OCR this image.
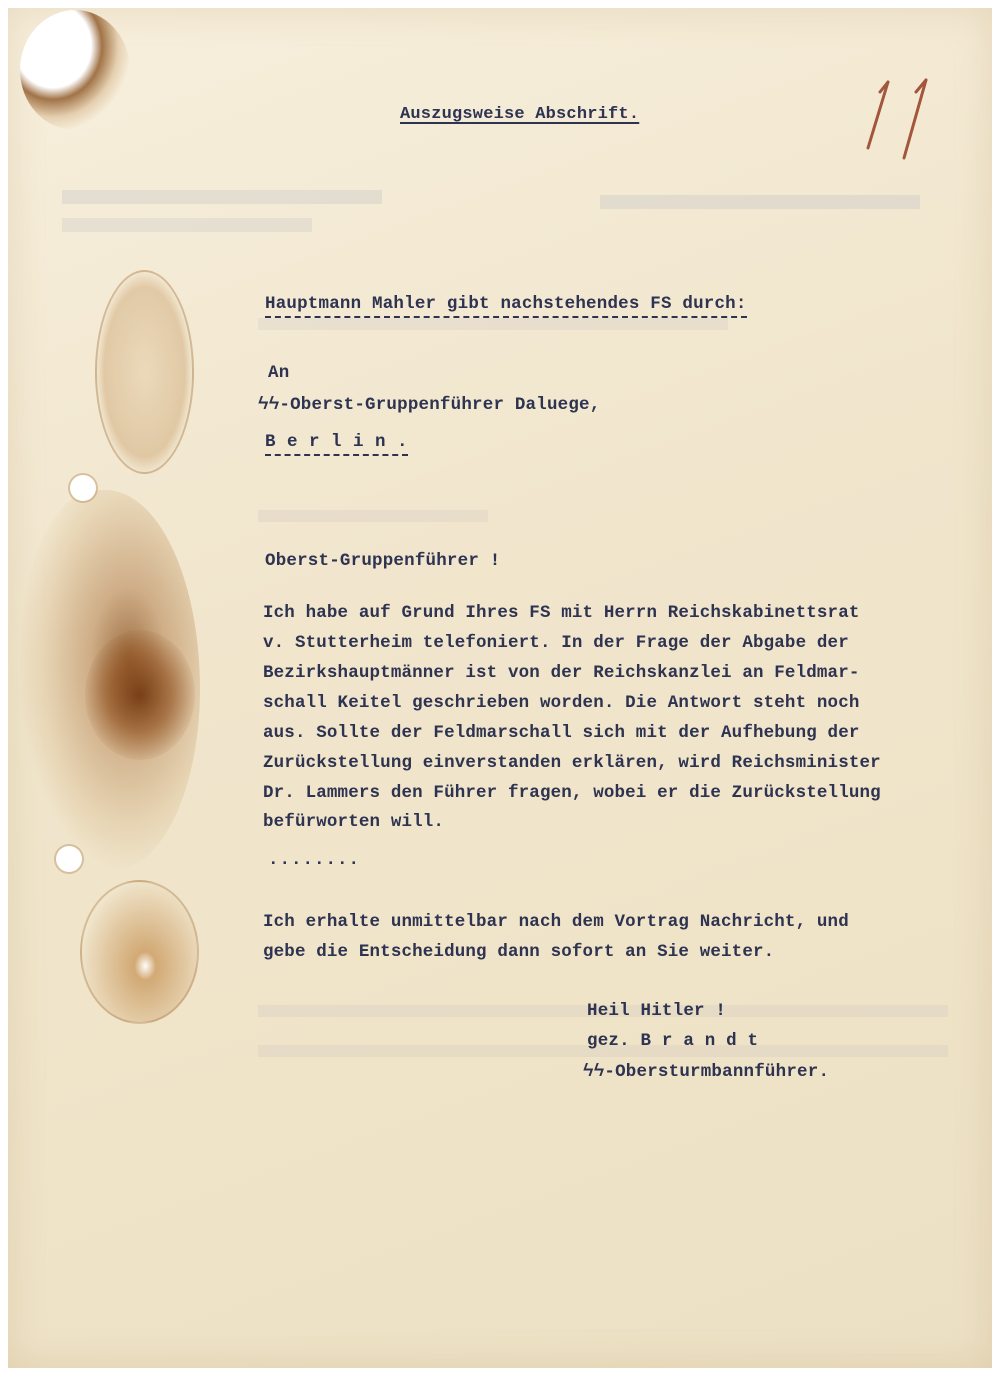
Auszugsweise Abschrift.
Hauptmann Mahler gibt nachstehendes FS durch:
An
ϟϟ-Oberst-Gruppenführer Daluege,
B e r l i n .
Oberst-Gruppenführer !
Ich habe auf Grund Ihres FS mit Herrn Reichskabinettsrat
v. Stutterheim telefoniert. In der Frage der Abgabe der
Bezirkshauptmänner ist von der Reichskanzlei an Feldmar-
schall Keitel geschrieben worden. Die Antwort steht noch
aus. Sollte der Feldmarschall sich mit der Aufhebung der
Zurückstellung einverstanden erklären, wird Reichsminister
Dr. Lammers den Führer fragen, wobei er die Zurückstellung
befürworten will.
........
Ich erhalte unmittelbar nach dem Vortrag Nachricht, und
gebe die Entscheidung dann sofort an Sie weiter.
Heil Hitler !
gez. B r a n d t
ϟϟ-Obersturmbannführer.
